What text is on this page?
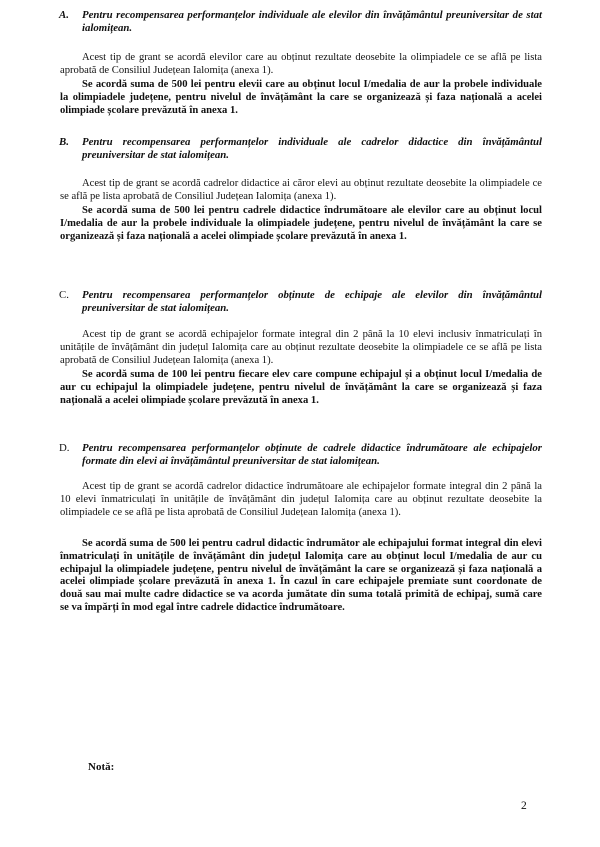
A. Pentru recompensarea performanțelor individuale ale elevilor din învățământul preuniversitar de stat ialomițean.
Acest tip de grant se acordă elevilor care au obținut rezultate deosebite la olimpiadele ce se află pe lista aprobată de Consiliul Județean Ialomița (anexa 1).
Se acordă suma de 500 lei pentru elevii care au obținut locul I/medalia de aur la probele individuale la olimpiadele județene, pentru nivelul de învățământ la care se organizează și faza națională a acelei olimpiade școlare prevăzută în anexa 1.
B. Pentru recompensarea performanțelor individuale ale cadrelor didactice din învățământul preuniversitar de stat ialomițean.
Acest tip de grant se acordă cadrelor didactice ai căror elevi au obținut rezultate deosebite la olimpiadele ce se află pe lista aprobată de Consiliul Județean Ialomița (anexa 1).
Se acordă suma de 500 lei pentru cadrele didactice îndrumătoare ale elevilor care au obținut locul I/medalia de aur la probele individuale la olimpiadele județene, pentru nivelul de învățământ la care se organizează și faza națională a acelei olimpiade școlare prevăzută în anexa 1.
C. Pentru recompensarea performanțelor obținute de echipaje ale elevilor din învățământul preuniversitar de stat ialomițean.
Acest tip de grant se acordă echipajelor formate integral din 2 până la 10 elevi inclusiv înmatriculați în unitățile de învățământ din județul Ialomița care au obținut rezultate deosebite la olimpiadele ce se află pe lista aprobată de Consiliul Județean Ialomița (anexa 1).
Se acordă suma de 100 lei pentru fiecare elev care compune echipajul și a obținut locul I/medalia de aur cu echipajul la olimpiadele județene, pentru nivelul de învățământ la care se organizează și faza națională a acelei olimpiade școlare prevăzută în anexa 1.
D. Pentru recompensarea performanțelor obținute de cadrele didactice îndrumătoare ale echipajelor formate din elevi ai învățământul preuniversitar de stat ialomițean.
Acest tip de grant se acordă cadrelor didactice îndrumătoare ale echipajelor formate integral din 2 până la 10 elevi înmatriculați în unitățile de învățământ din județul Ialomița care au obținut rezultate deosebite la olimpiadele ce se află pe lista aprobată de Consiliul Județean Ialomița (anexa 1).
Se acordă suma de 500 lei pentru cadrul didactic îndrumător ale echipajului format integral din elevi înmatriculați în unitățile de învățământ din județul Ialomița care au obținut locul I/medalia de aur cu echipajul la olimpiadele județene, pentru nivelul de învățământ la care se organizează și faza națională a acelei olimpiade școlare prevăzută în anexa 1. În cazul în care echipajele premiate sunt coordonate de două sau mai multe cadre didactice se va acorda jumătate din suma totală primită de echipaj, sumă care se va împărți în mod egal între cadrele didactice îndrumătoare.
Notă:
2
